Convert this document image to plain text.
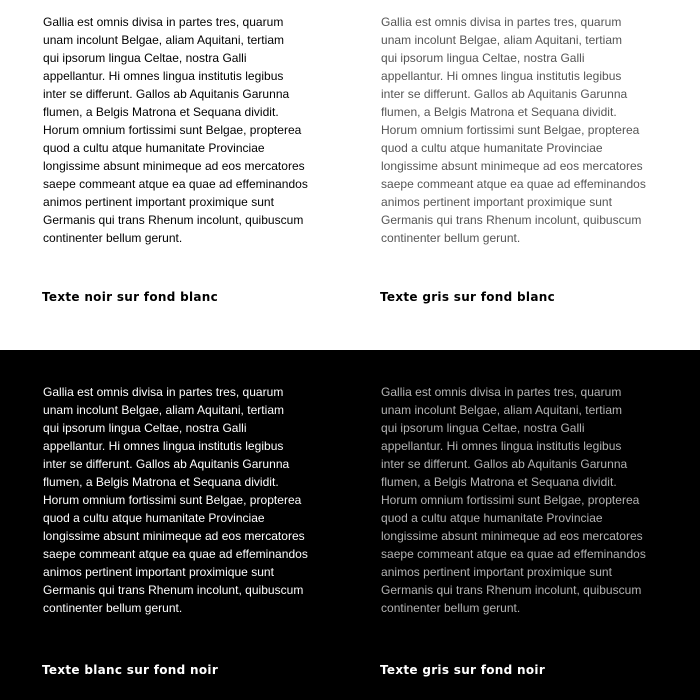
Gallia est omnis divisa in partes tres, quarum
unam incolunt Belgae, aliam Aquitani, tertiam
qui ipsorum lingua Celtae, nostra Galli
appellantur. Hi omnes lingua institutis legibus
inter se differunt. Gallos ab Aquitanis Garunna
flumen, a Belgis Matrona et Sequana dividit.
Horum omnium fortissimi sunt Belgae, propterea
quod a cultu atque humanitate Provinciae
longissime absunt minimeque ad eos mercatores
saepe commeant atque ea quae ad effeminandos
animos pertinent important proximique sunt
Germanis qui trans Rhenum incolunt, quibuscum
continenter bellum gerunt.

Texte noir sur fond blanc

Gallia est omnis divisa in partes tres, quarum
unam incolunt Belgae, aliam Aquitani, tertiam
qui ipsorum lingua Celtae, nostra Galli
appellantur. Hi omnes lingua institutis legibus
inter se differunt. Gallos ab Aquitanis Garunna
flumen, a Belgis Matrona et Sequana dividit.
Horum omnium fortissimi sunt Belgae, propterea
quod a cultu atque humanitate Provinciae
longissime absunt minimeque ad eos mercatores
saepe commeant atque ea quae ad effeminandos
animos pertinent important proximique sunt
Germanis qui trans Rhenum incolunt, quibuscum
continenter bellum gerunt.

Texte gris sur fond blanc

Gallia est omnis divisa in partes tres, quarum
unam incolunt Belgae, aliam Aquitani, tertiam
qui ipsorum lingua Celtae, nostra Galli
appellantur. Hi omnes lingua institutis legibus
inter se differunt. Gallos ab Aquitanis Garunna
flumen, a Belgis Matrona et Sequana dividit.
Horum omnium fortissimi sunt Belgae, propterea
quod a cultu atque humanitate Provinciae
longissime absunt minimeque ad eos mercatores
saepe commeant atque ea quae ad effeminandos
animos pertinent important proximique sunt
Germanis qui trans Rhenum incolunt, quibuscum
continenter bellum gerunt.

Texte blanc sur fond noir

Gallia est omnis divisa in partes tres, quarum
unam incolunt Belgae, aliam Aquitani, tertiam
qui ipsorum lingua Celtae, nostra Galli
appellantur. Hi omnes lingua institutis legibus
inter se differunt. Gallos ab Aquitanis Garunna
flumen, a Belgis Matrona et Sequana dividit.
Horum omnium fortissimi sunt Belgae, propterea
quod a cultu atque humanitate Provinciae
longissime absunt minimeque ad eos mercatores
saepe commeant atque ea quae ad effeminandos
animos pertinent important proximique sunt
Germanis qui trans Rhenum incolunt, quibuscum
continenter bellum gerunt.

Texte gris sur fond noir
